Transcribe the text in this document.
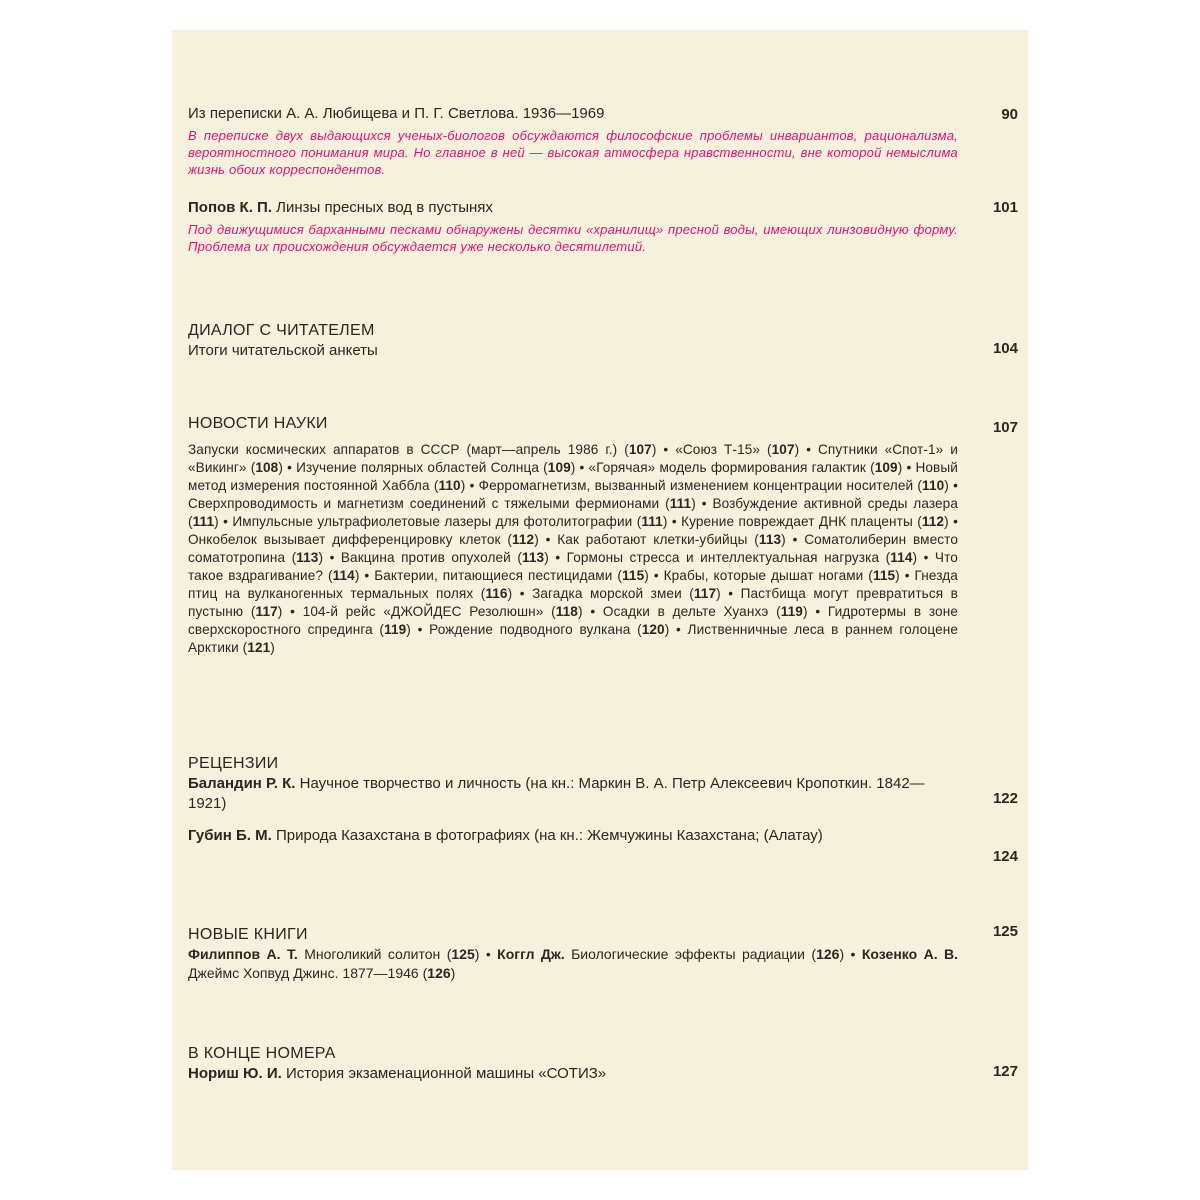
Из переписки А. А. Любищева и П. Г. Светлова. 1936—1969
В переписке двух выдающихся ученых-биологов обсуждаются философские проблемы инвариантов, рационализма, вероятностного понимания мира. Но главное в ней — высокая атмосфера нравственности, вне которой немыслима жизнь обоих корреспондентов.
90
Попов К. П. Линзы пресных вод в пустынях
Под движущимися барханными песками обнаружены десятки «хранилищ» пресной воды, имеющих линзовидную форму. Проблема их происхождения обсуждается уже несколько десятилетий.
101
ДИАЛОГ С ЧИТАТЕЛЕМ
Итоги читательской анкеты	104
НОВОСТИ НАУКИ
Запуски космических аппаратов в СССР (март—апрель 1986 г.) (107) • «Союз Т-15» (107) • Спутники «Спот-1» и «Викинг» (108) • Изучение полярных областей Солнца (109) • «Горячая» модель формирования галактик (109) • Новый метод измерения постоянной Хаббла (110) • Ферромагнетизм, вызванный изменением концентрации носителей (110) • Сверхпроводимость и магнетизм соединений с тяжелыми фермионами (111) • Возбуждение активной среды лазера (111) • Импульсные ультрафиолетовые лазеры для фотолитографии (111) • Курение повреждает ДНК плаценты (112) • Онкобелок вызывает дифференцировку клеток (112) • Как работают клетки-убийцы (113) • Соматолиберин вместо соматотропина (113) • Вакцина против опухолей (113) • Гормоны стресса и интеллектуальная нагрузка (114) • Что такое вздрагивание? (114) • Бактерии, питающиеся пестицидами (115) • Крабы, которые дышат ногами (115) • Гнезда птиц на вулканогенных термальных полях (116) • Загадка морской змеи (117) • Пастбища могут превратиться в пустыню (117) • 104-й рейс «ДЖОЙДЕС Резолюшн» (118) • Осадки в дельте Хуанхэ (119) • Гидротермы в зоне сверхскоростного спрединга (119) • Рождение подводного вулкана (120) • Лиственничные леса в раннем голоцене Арктики (121)
107
РЕЦЕНЗИИ
Баландин Р. К. Научное творчество и личность (на кн.: Маркин В. А. Петр Алексеевич Кропоткин. 1842—1921)
Губин Б. М. Природа Казахстана в фотографиях (на кн.: Жемчужины Казахстана; (Алатау)
122
124
НОВЫЕ КНИГИ
Филиппов А. Т. Многоликий солитон (125) • Коггл Дж. Биологические эффекты радиации (126) • Козенко А. В. Джеймс Хопвуд Джинс. 1877—1946 (126)
125
В КОНЦЕ НОМЕРА
Нориш Ю. И. История экзаменационной машины «СОТИЗ»	127
